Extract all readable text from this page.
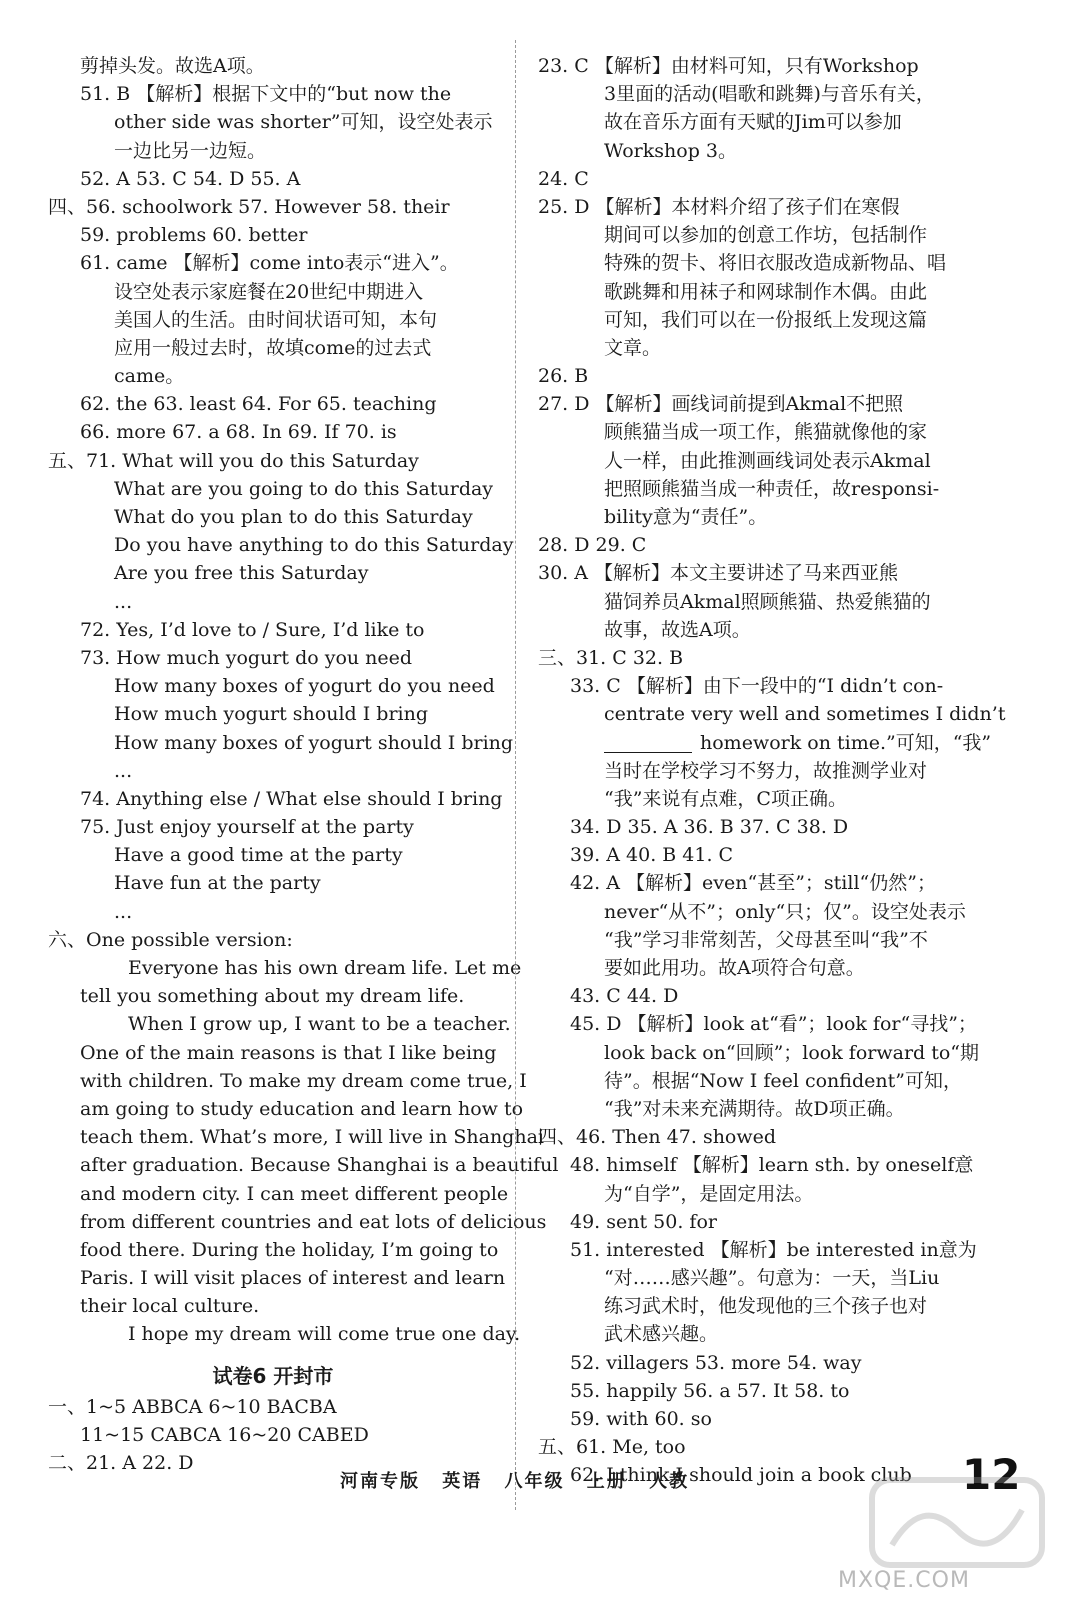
剪掉头发。故选A项。
51. B 【解析】根据下文中的“but now the
other side was shorter”可知，设空处表示
一边比另一边短。
52. A 53. C 54. D 55. A
四、56. schoolwork 57. However 58. their
59. problems 60. better
61. came 【解析】come into表示“进入”。
设空处表示家庭餐在20世纪中期进入
美国人的生活。由时间状语可知，本句
应用一般过去时，故填come的过去式
came。
62. the 63. least 64. For 65. teaching
66. more 67. a 68. In 69. If 70. is
五、71. What will you do this Saturday
What are you going to do this Saturday
What do you plan to do this Saturday
Do you have anything to do this Saturday
Are you free this Saturday
...
72. Yes, I’d love to / Sure, I’d like to
73. How much yogurt do you need
How many boxes of yogurt do you need
How much yogurt should I bring
How many boxes of yogurt should I bring
...
74. Anything else / What else should I bring
75. Just enjoy yourself at the party
Have a good time at the party
Have fun at the party
...
六、One possible version:
Everyone has his own dream life. Let me
tell you something about my dream life.
When I grow up, I want to be a teacher.
One of the main reasons is that I like being
with children. To make my dream come true, I
am going to study education and learn how to
teach them. What’s more, I will live in Shanghai
after graduation. Because Shanghai is a beautiful
and modern city. I can meet different people
from different countries and eat lots of delicious
food there. During the holiday, I’m going to
Paris. I will visit places of interest and learn
their local culture.
I hope my dream will come true one day.
试卷6 开封市
一、1~5 ABBCA 6~10 BACBA
11~15 CABCA 16~20 CABED
二、21. A 22. D
23. C 【解析】由材料可知，只有Workshop
3里面的活动(唱歌和跳舞)与音乐有关，
故在音乐方面有天赋的Jim可以参加
Workshop 3。
24. C
25. D 【解析】本材料介绍了孩子们在寒假
期间可以参加的创意工作坊，包括制作
特殊的贺卡、将旧衣服改造成新物品、唱
歌跳舞和用袜子和网球制作木偶。由此
可知，我们可以在一份报纸上发现这篇
文章。
26. B
27. D 【解析】画线词前提到Akmal不把照
顾熊猫当成一项工作，熊猫就像他的家
人一样，由此推测画线词处表示Akmal
把照顾熊猫当成一种责任，故responsi-
bility意为“责任”。
28. D 29. C
30. A 【解析】本文主要讲述了马来西亚熊
猫饲养员Akmal照顾熊猫、热爱熊猫的
故事，故选A项。
三、31. C 32. B
33. C 【解析】由下一段中的“I didn’t con-
centrate very well and sometimes I didn’t
homework on time.”可知，“我”
当时在学校学习不努力，故推测学业对
“我”来说有点难，C项正确。
34. D 35. A 36. B 37. C 38. D
39. A 40. B 41. C
42. A 【解析】even“甚至”；still“仍然”；
never“从不”；only“只；仅”。设空处表示
“我”学习非常刻苦，父母甚至叫“我”不
要如此用功。故A项符合句意。
43. C 44. D
45. D 【解析】look at“看”；look for“寻找”；
look back on“回顾”；look forward to“期
待”。根据“Now I feel confident”可知，
“我”对未来充满期待。故D项正确。
四、46. Then 47. showed
48. himself 【解析】learn sth. by oneself意
为“自学”，是固定用法。
49. sent 50. for
51. interested 【解析】be interested in意为
“对……感兴趣”。句意为：一天，当Liu
练习武术时，他发现他的三个孩子也对
武术感兴趣。
52. villagers 53. more 54. way
55. happily 56. a 57. It 58. to
59. with 60. so
五、61. Me, too
62. I think I should join a book club
河南专版 英语 八年级 上册 人教	12
MXQE.COM
